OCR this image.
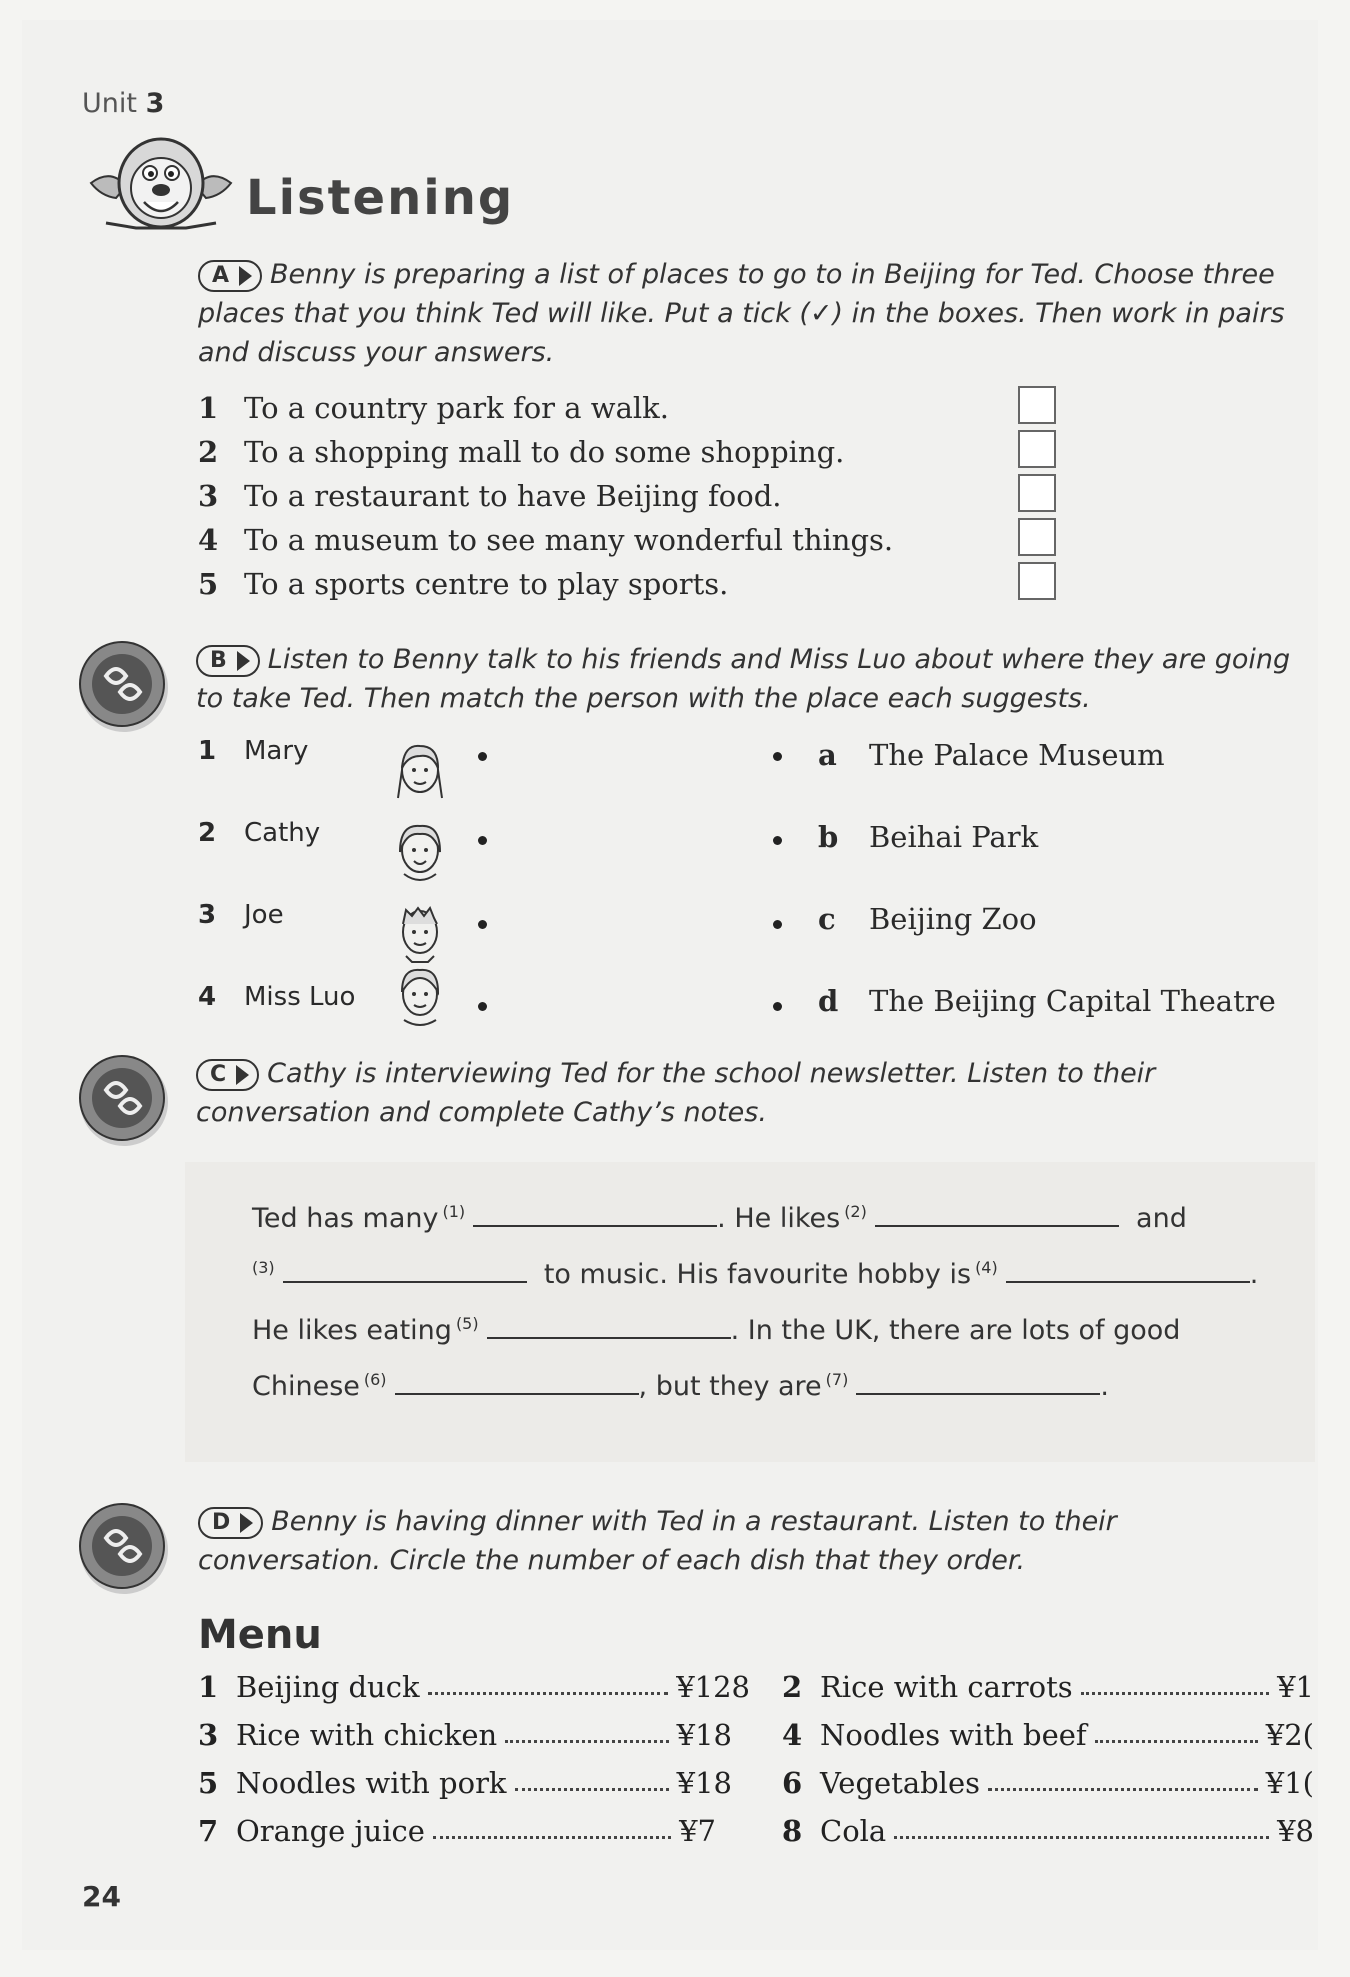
Unit 3
Listening
A Benny is preparing a list of places to go to in Beijing for Ted. Choose three places that you think Ted will like. Put a tick (✓) in the boxes. Then work in pairs and discuss your answers.
1 To a country park for a walk.
2 To a shopping mall to do some shopping.
3 To a restaurant to have Beijing food.
4 To a museum to see many wonderful things.
5 To a sports centre to play sports.
B Listen to Benny talk to his friends and Miss Luo about where they are going to take Ted. Then match the person with the place each suggests.
1 Mary
2 Cathy
3 Joe
4 Miss Luo
a The Palace Museum
b Beihai Park
c Beijing Zoo
d The Beijing Capital Theatre
C Cathy is interviewing Ted for the school newsletter. Listen to their conversation and complete Cathy’s notes.
Ted has many $^{(1)}$	. He likes $^{(2)}$	and
$^{(3)}$	to music. His favourite hobby is $^{(4)}$	.
He likes eating $^{(5)}$	. In the UK, there are lots of good
Chinese $^{(6)}$	, but they are $^{(7)}$	.
D Benny is having dinner with Ted in a restaurant. Listen to their conversation. Circle the number of each dish that they order.
Menu
1 Beijing duck	¥128
3 Rice with chicken	¥18
5 Noodles with pork	¥18
7 Orange juice	¥7
2 Rice with carrots	¥1
4 Noodles with beef	¥2(
6 Vegetables	¥1(
8 Cola	¥8
24
